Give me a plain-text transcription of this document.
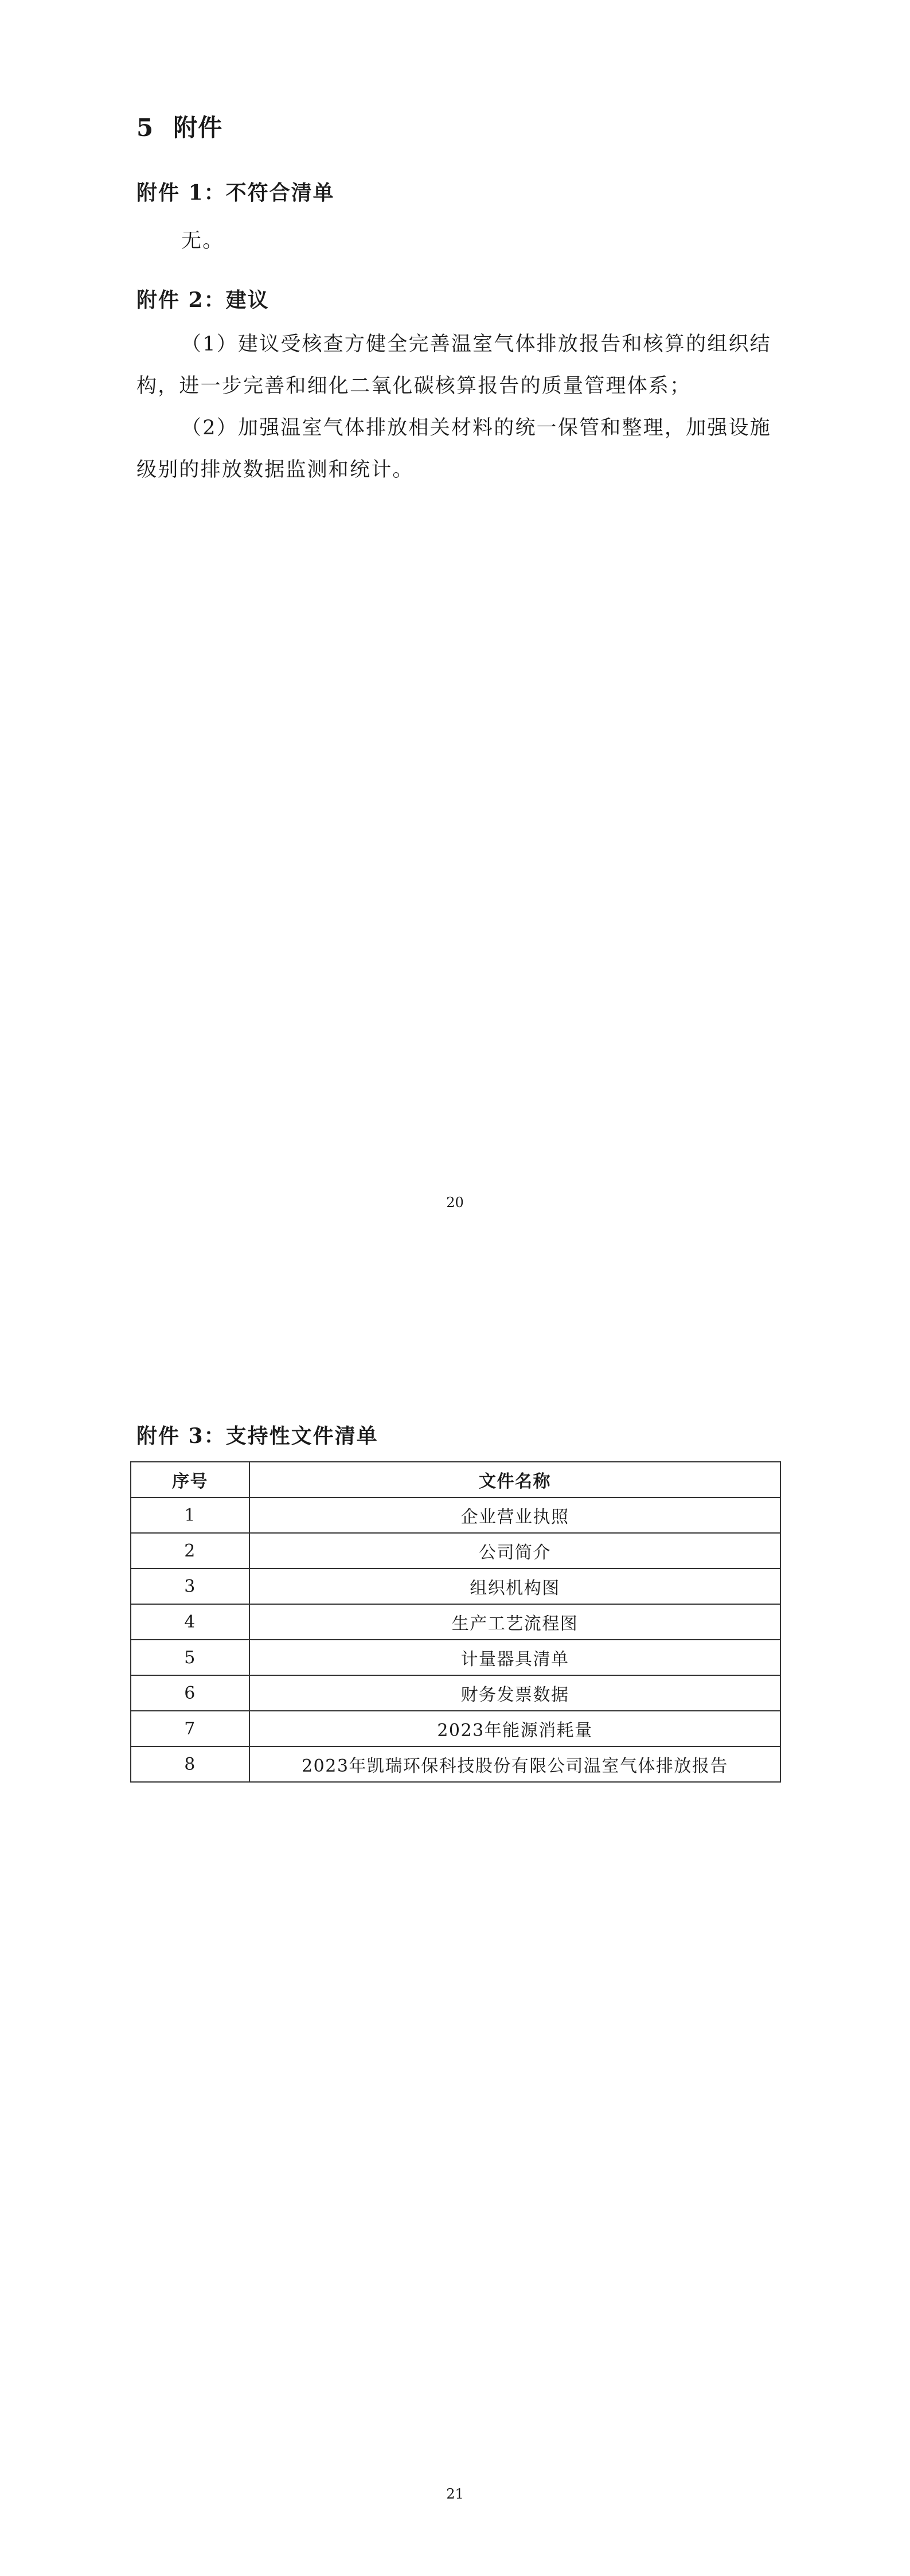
5 附件
附件 1：不符合清单
无。
附件 2：建议
（1）建议受核查方健全完善温室气体排放报告和核算的组织结
构，进一步完善和细化二氧化碳核算报告的质量管理体系；
（2）加强温室气体排放相关材料的统一保管和整理，加强设施
级别的排放数据监测和统计。
20
附件 3：支持性文件清单
序号	文件名称
1	企业营业执照
2	公司简介
3	组织机构图
4	生产工艺流程图
5	计量器具清单
6	财务发票数据
7	2023年能源消耗量
8	2023年凯瑞环保科技股份有限公司温室气体排放报告
21
